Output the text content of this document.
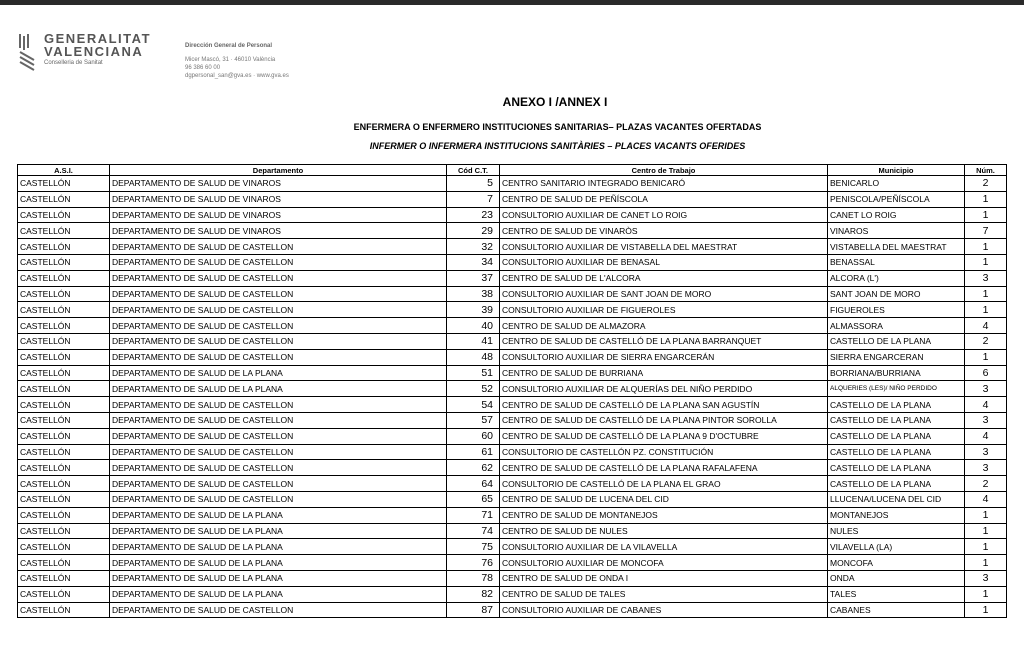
GENERALITAT
VALENCIANA
Conselleria de Sanitat
Dirección General de Personal
Micer Mascó, 31 · 46010 València
96 386 60 00
dgpersonal_san@gva.es · www.gva.es
ANEXO I /ANNEX I
ENFERMERA O ENFERMERO INSTITUCIONES SANITARIAS– PLAZAS VACANTES OFERTADAS
INFERMER O INFERMERA INSTITUCIONS SANITÀRIES – PLACES VACANTS OFERIDES
A.S.I.	Departamento	Cód C.T.	Centro de Trabajo	Municipio	Núm.
CASTELLÓN	DEPARTAMENTO DE SALUD DE VINAROS	5	CENTRO SANITARIO INTEGRADO BENICARÓ	BENICARLO	2
CASTELLÓN	DEPARTAMENTO DE SALUD DE VINAROS	7	CENTRO DE SALUD DE PEÑÍSCOLA	PENISCOLA/PEÑÍSCOLA	1
CASTELLÓN	DEPARTAMENTO DE SALUD DE VINAROS	23	CONSULTORIO AUXILIAR DE CANET LO ROIG	CANET LO ROIG	1
CASTELLÓN	DEPARTAMENTO DE SALUD DE VINAROS	29	CENTRO DE SALUD DE VINARÒS	VINAROS	7
CASTELLÓN	DEPARTAMENTO DE SALUD DE CASTELLON	32	CONSULTORIO AUXILIAR DE VISTABELLA DEL MAESTRAT	VISTABELLA DEL MAESTRAT	1
CASTELLÓN	DEPARTAMENTO DE SALUD DE CASTELLON	34	CONSULTORIO AUXILIAR DE BENASAL	BENASSAL	1
CASTELLÓN	DEPARTAMENTO DE SALUD DE CASTELLON	37	CENTRO DE SALUD DE L'ALCORA	ALCORA (L')	3
CASTELLÓN	DEPARTAMENTO DE SALUD DE CASTELLON	38	CONSULTORIO AUXILIAR DE SANT JOAN DE MORO	SANT JOAN DE MORO	1
CASTELLÓN	DEPARTAMENTO DE SALUD DE CASTELLON	39	CONSULTORIO AUXILIAR DE FIGUEROLES	FIGUEROLES	1
CASTELLÓN	DEPARTAMENTO DE SALUD DE CASTELLON	40	CENTRO DE SALUD DE ALMAZORA	ALMASSORA	4
CASTELLÓN	DEPARTAMENTO DE SALUD DE CASTELLON	41	CENTRO DE SALUD DE CASTELLÓ DE LA PLANA BARRANQUET	CASTELLO DE LA PLANA	2
CASTELLÓN	DEPARTAMENTO DE SALUD DE CASTELLON	48	CONSULTORIO AUXILIAR DE SIERRA ENGARCERÁN	SIERRA ENGARCERAN	1
CASTELLÓN	DEPARTAMENTO DE SALUD DE LA PLANA	51	CENTRO DE SALUD DE BURRIANA	BORRIANA/BURRIANA	6
CASTELLÓN	DEPARTAMENTO DE SALUD DE LA PLANA	52	CONSULTORIO AUXILIAR DE ALQUERÍAS DEL NIÑO PERDIDO	ALQUERIES (LES)/ NIÑO PERDIDO	3
CASTELLÓN	DEPARTAMENTO DE SALUD DE CASTELLON	54	CENTRO DE SALUD DE CASTELLÓ DE LA PLANA SAN AGUSTÍN	CASTELLO DE LA PLANA	4
CASTELLÓN	DEPARTAMENTO DE SALUD DE CASTELLON	57	CENTRO DE SALUD DE CASTELLÓ DE LA PLANA PINTOR SOROLLA	CASTELLO DE LA PLANA	3
CASTELLÓN	DEPARTAMENTO DE SALUD DE CASTELLON	60	CENTRO DE SALUD DE CASTELLÓ DE LA PLANA 9 D'OCTUBRE	CASTELLO DE LA PLANA	4
CASTELLÓN	DEPARTAMENTO DE SALUD DE CASTELLON	61	CONSULTORIO DE CASTELLÓN PZ. CONSTITUCIÓN	CASTELLO DE LA PLANA	3
CASTELLÓN	DEPARTAMENTO DE SALUD DE CASTELLON	62	CENTRO DE SALUD DE CASTELLÓ DE LA PLANA RAFALAFENA	CASTELLO DE LA PLANA	3
CASTELLÓN	DEPARTAMENTO DE SALUD DE CASTELLON	64	CONSULTORIO DE CASTELLÓ DE LA PLANA EL GRAO	CASTELLO DE LA PLANA	2
CASTELLÓN	DEPARTAMENTO DE SALUD DE CASTELLON	65	CENTRO DE SALUD DE LUCENA DEL CID	LLUCENA/LUCENA DEL CID	4
CASTELLÓN	DEPARTAMENTO DE SALUD DE LA PLANA	71	CENTRO DE SALUD DE MONTANEJOS	MONTANEJOS	1
CASTELLÓN	DEPARTAMENTO DE SALUD DE LA PLANA	74	CENTRO DE SALUD DE NULES	NULES	1
CASTELLÓN	DEPARTAMENTO DE SALUD DE LA PLANA	75	CONSULTORIO AUXILIAR DE LA VILAVELLA	VILAVELLA (LA)	1
CASTELLÓN	DEPARTAMENTO DE SALUD DE LA PLANA	76	CONSULTORIO AUXILIAR DE MONCOFA	MONCOFA	1
CASTELLÓN	DEPARTAMENTO DE SALUD DE LA PLANA	78	CENTRO DE SALUD DE ONDA I	ONDA	3
CASTELLÓN	DEPARTAMENTO DE SALUD DE LA PLANA	82	CENTRO DE SALUD DE TALES	TALES	1
CASTELLÓN	DEPARTAMENTO DE SALUD DE CASTELLON	87	CONSULTORIO AUXILIAR DE CABANES	CABANES	1
